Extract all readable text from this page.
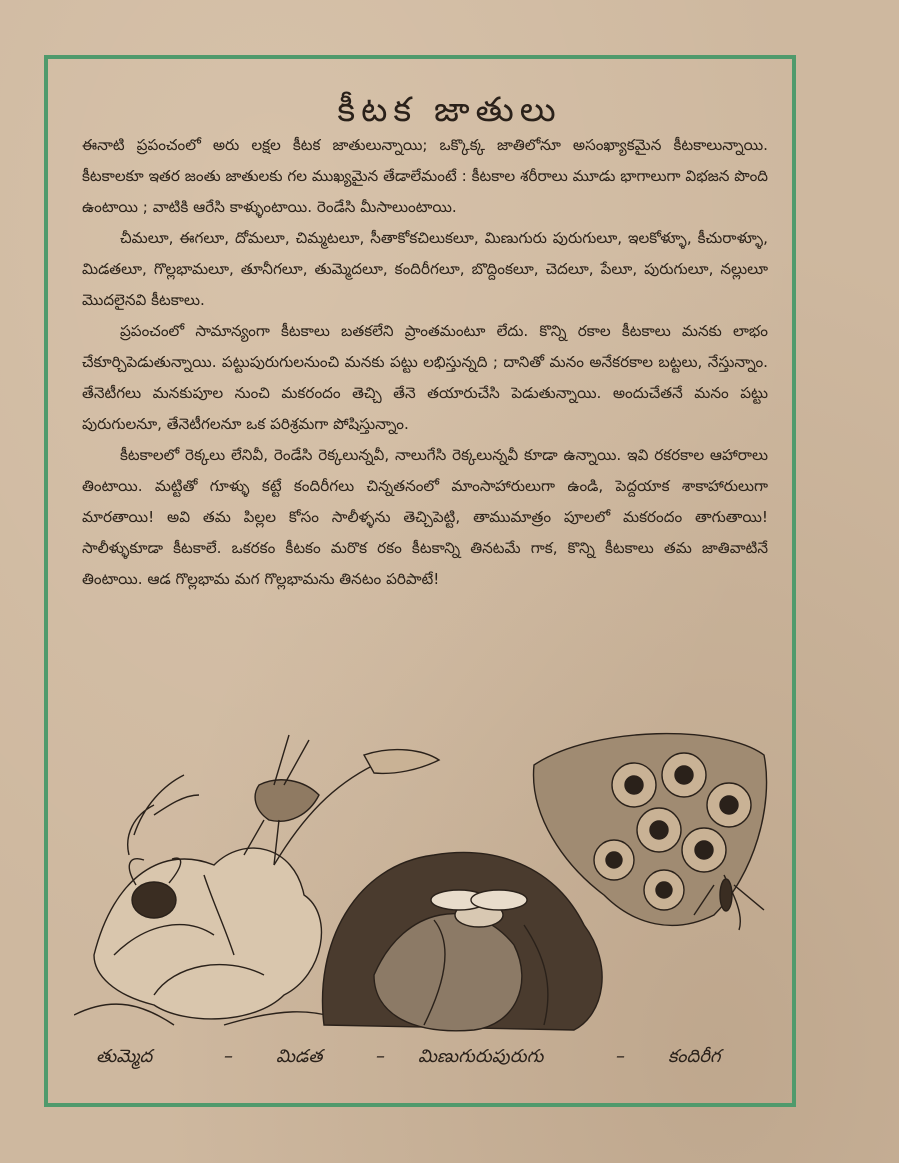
కీటక జాతులు

ఈనాటి ప్రపంచంలో అరు లక్షల కీటక జాతులున్నాయి; ఒక్కొక్క జాతిలోనూ అసంఖ్యాకమైన కీటకాలున్నాయి. కీటకాలకూ ఇతర జంతు జాతులకు గల ముఖ్యమైన తేడాలేమంటే : కీటకాల శరీరాలు మూడు భాగాలుగా విభజన పొంది ఉంటాయి ; వాటికి ఆరేసి కాళ్ళుంటాయి. రెండేసి మీసాలుంటాయి.

చీమలూ, ఈగలూ, దోమలూ, చిమ్మటలూ, సీతాకోకచిలుకలూ, మిణుగురు పురుగులూ, ఇలకోళ్ళూ, కీచురాళ్ళూ, మిడతలూ, గొల్లభామలూ, తూనీగలూ, తుమ్మెదలూ, కందిరీగలూ, బొద్దింకలూ, చెదలూ, పేలూ, పురుగులూ, నల్లులూ మొదలైనవి కీటకాలు.

ప్రపంచంలో సామాన్యంగా కీటకాలు బతకలేని ప్రాంతమంటూ లేదు. కొన్ని రకాల కీటకాలు మనకు లాభం చేకూర్చిపెడుతున్నాయి. పట్టుపురుగులనుంచి మనకు పట్టు లభిస్తున్నది ; దానితో మనం అనేకరకాల బట్టలు, నేస్తున్నాం. తేనెటీగలు మనకుపూల నుంచి మకరందం తెచ్చి తేనె తయారుచేసి పెడుతున్నాయి. అందుచేతనే మనం పట్టు పురుగులనూ, తేనెటీగలనూ ఒక పరిశ్రమగా పోషిస్తున్నాం.

కీటకాలలో రెక్కలు లేనివీ, రెండేసి రెక్కలున్నవీ, నాలుగేసి రెక్కలున్నవీ కూడా ఉన్నాయి. ఇవి రకరకాల ఆహారాలు తింటాయి. మట్టితో గూళ్ళు కట్టే కందిరీగలు చిన్నతనంలో మాంసాహారులుగా ఉండి, పెద్దయాక శాకాహారులుగా మారతాయి! అవి తమ పిల్లల కోసం సాలీళ్ళను తెచ్చిపెట్టి, తాముమాత్రం పూలలో మకరందం తాగుతాయి! సాలీళ్ళుకూడా కీటకాలే. ఒకరకం కీటకం మరొక రకం కీటకాన్ని తినటమే గాక, కొన్ని కీటకాలు తమ జాతివాటినే తింటాయి. ఆడ గొల్లభామ మగ గొల్లభామను తినటం పరిపాటే!

తుమ్మెద	– మిడత	– మిణుగురుపురుగు	– కందిరీగ
